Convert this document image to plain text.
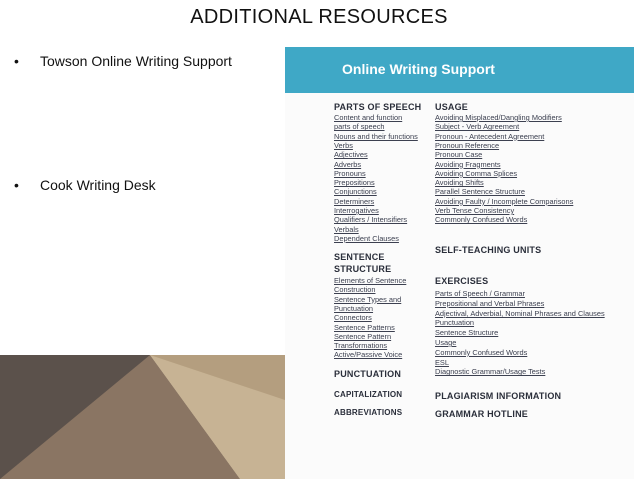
ADDITIONAL RESOURCES
• Towson Online Writing Support
• Cook Writing Desk
Online Writing Support
PARTS OF SPEECH
Content and function
parts of speech
Nouns and their functions
Verbs
Adjectives
Adverbs
Pronouns
Prepositions
Conjunctions
Determiners
Interrogatives
Qualifiers / Intensifiers
Verbals
Dependent Clauses
USAGE
Avoiding Misplaced/Dangling Modifiers
Subject - Verb Agreement
Pronoun - Antecedent Agreement
Pronoun Reference
Pronoun Case
Avoiding Fragments
Avoiding Comma Splices
Avoiding Shifts
Parallel Sentence Structure
Avoiding Faulty / Incomplete Comparisons
Verb Tense Consistency
Commonly Confused Words
SELF-TEACHING UNITS
SENTENCE
STRUCTURE
Elements of Sentence
Construction
Sentence Types and
Punctuation
Connectors
Sentence Patterns
Sentence Pattern
Transformations
Active/Passive Voice
EXERCISES
Parts of Speech / Grammar
Prepositional and Verbal Phrases
Adjectival, Adverbial, Nominal Phrases and Clauses
Punctuation
Sentence Structure
Usage
Commonly Confused Words
ESL
Diagnostic Grammar/Usage Tests
PUNCTUATION
CAPITALIZATION
ABBREVIATIONS
PLAGIARISM INFORMATION
GRAMMAR HOTLINE
